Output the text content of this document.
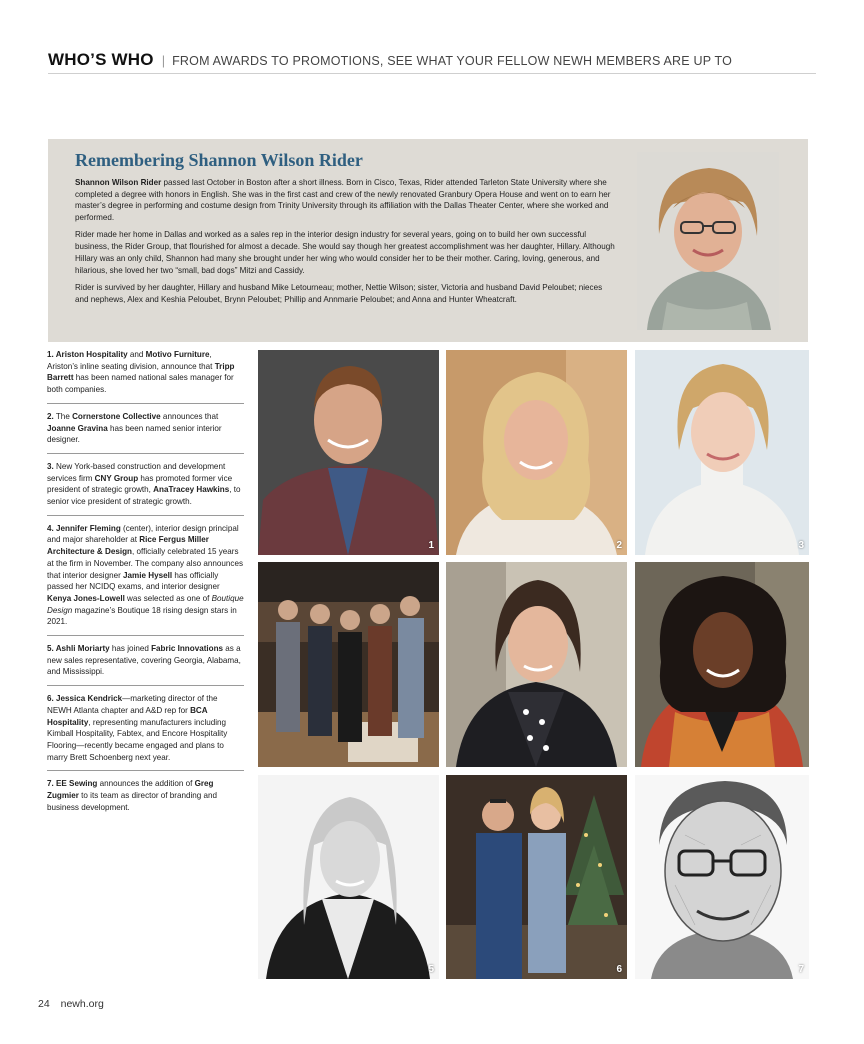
WHO’S WHO | FROM AWARDS TO PROMOTIONS, SEE WHAT YOUR FELLOW NEWH MEMBERS ARE UP TO
Remembering Shannon Wilson Rider

Shannon Wilson Rider passed last October in Boston after a short illness. Born in Cisco, Texas, Rider attended Tarleton State University where she completed a degree with honors in English. She was in the first cast and crew of the newly renovated Granbury Opera House and went on to earn her master’s degree in performing and costume design from Trinity University through its affiliation with the Dallas Theater Center, where she worked and performed.

Rider made her home in Dallas and worked as a sales rep in the interior design industry for several years, going on to build her own successful business, the Rider Group, that flourished for almost a decade. She would say though her greatest accomplishment was her daughter, Hillary. Although Hillary was an only child, Shannon had many she brought under her wing who would consider her to be their mother. Caring, loving, generous, and hilarious, she loved her two “small, bad dogs” Mitzi and Cassidy.

Rider is survived by her daughter, Hillary and husband Mike Letourneau; mother, Nettie Wilson; sister, Victoria and husband David Peloubet; nieces and nephews, Alex and Keshia Peloubet, Brynn Peloubet; Phillip and Annmarie Peloubet; and Anna and Hunter Wheatcraft.

1. Ariston Hospitality and Motivo Furniture, Ariston’s inline seating division, announce that Tripp Barrett has been named national sales manager for both companies.
2. The Cornerstone Collective announces that Joanne Gravina has been named senior interior designer.
3. New York-based construction and development services firm CNY Group has promoted former vice president of strategic growth, AnaTracey Hawkins, to senior vice president of strategic growth.
4. Jennifer Fleming (center), interior design principal and major shareholder at Rice Fergus Miller Architecture & Design, officially celebrated 15 years at the firm in November. The company also announces that interior designer Jamie Hysell has officially passed her NCIDQ exams, and interior designer Kenya Jones-Lowell was selected as one of Boutique Design magazine’s Boutique 18 rising design stars in 2021.
5. Ashli Moriarty has joined Fabric Innovations as a new sales representative, covering Georgia, Alabama, and Mississippi.
6. Jessica Kendrick—marketing director of the NEWH Atlanta chapter and A&D rep for BCA Hospitality, representing manufacturers including Kimball Hospitality, Fabtex, and Encore Hospitality Flooring—recently became engaged and plans to marry Brett Schoenberg next year.
7. EE Sewing announces the addition of Greg Zugmier to its team as director of branding and business development.
1	2	3
5	6	7
24 newh.org
